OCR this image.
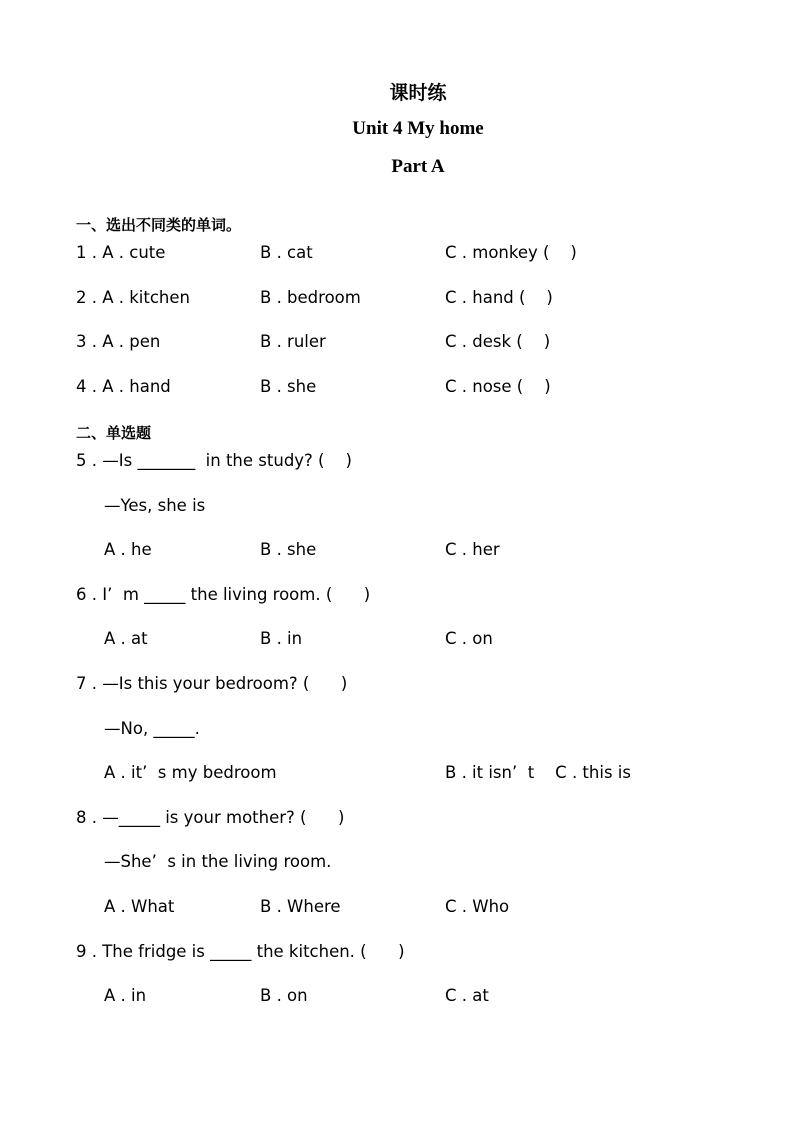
课时练
Unit 4 My home
Part A
一、选出不同类的单词。
1 . A . cute	B . cat	C . monkey (    )
2 . A . kitchen	B . bedroom	C . hand (    )
3 . A . pen	B . ruler	C . desk (    )
4 . A . hand	B . she	C . nose (    )
二、单选题
5 . —Is _______  in the study? (    )
—Yes, she is
A . he	B . she	C . her
6 . I’  m _____ the living room. (      )
A . at	B . in	C . on
7 . —Is this your bedroom? (      )
—No, _____.
A . it’  s my bedroom	B . it isn’  t    C . this is
8 . —_____ is your mother? (      )
—She’  s in the living room.
A . What	B . Where	C . Who
9 . The fridge is _____ the kitchen. (      )
A . in	B . on	C . at
